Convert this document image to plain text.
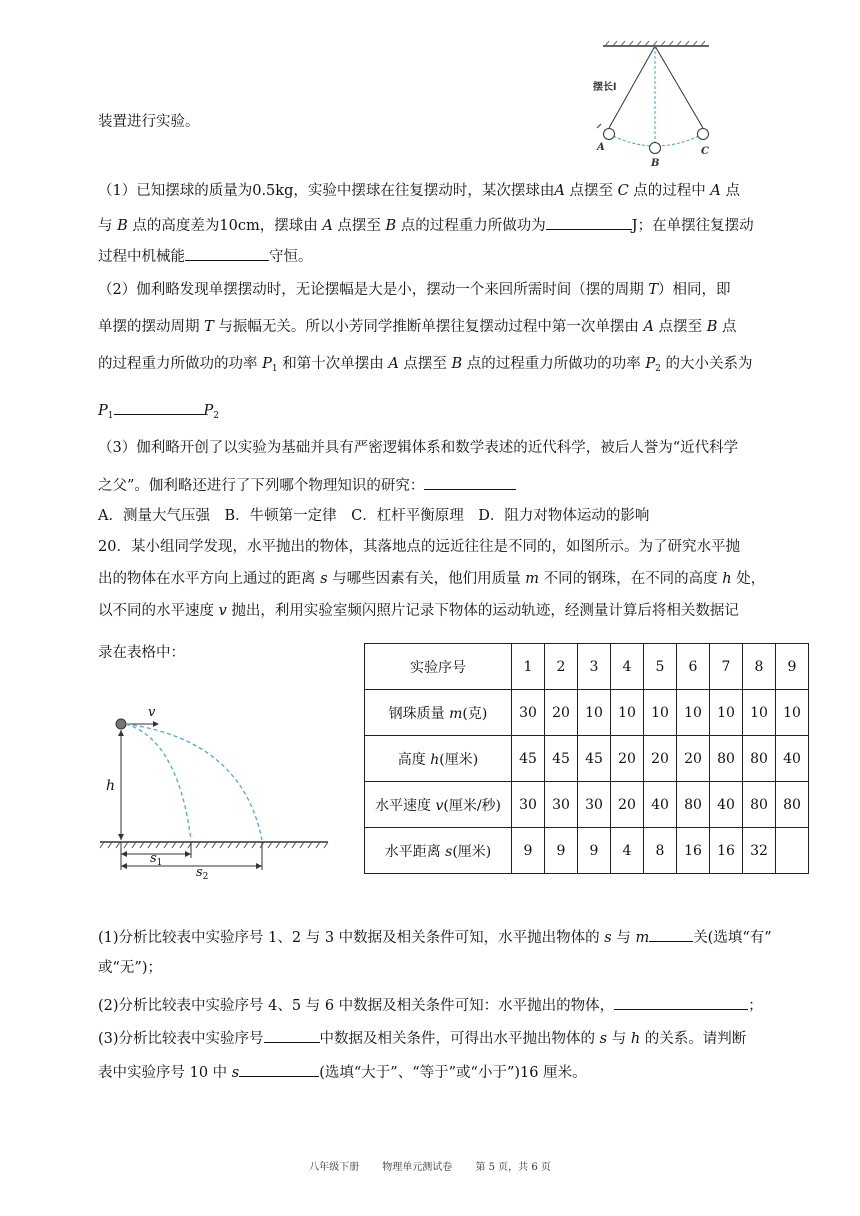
摆长l
A
B
C
装置进行实验。
（1）已知摆球的质量为0.5kg，实验中摆球在往复摆动时，某次摆球由A 点摆至 C 点的过程中 A 点
与 B 点的高度差为10cm，摆球由 A 点摆至 B 点的过程重力所做功为	J；在单摆往复摆动
过程中机械能	守恒。
（2）伽利略发现单摆摆动时，无论摆幅是大是小，摆动一个来回所需时间（摆的周期 T）相同，即
单摆的摆动周期 T 与振幅无关。所以小芳同学推断单摆往复摆动过程中第一次单摆由 A 点摆至 B 点
的过程重力所做功的功率 $P_1$ 和第十次单摆由 A 点摆至 B 点的过程重力所做功的功率 $P_2$ 的大小关系为
$P_1$	$P_2$
（3）伽利略开创了以实验为基础并具有严密逻辑体系和数学表述的近代科学，被后人誉为“近代科学
之父”。伽利略还进行了下列哪个物理知识的研究：
A．测量大气压强　B．牛顿第一定律　C．杠杆平衡原理　D．阻力对物体运动的影响
20．某小组同学发现，水平抛出的物体，其落地点的远近往往是不同的，如图所示。为了研究水平抛
出的物体在水平方向上通过的距离 s 与哪些因素有关，他们用质量 m 不同的钢珠，在不同的高度 h 处，
以不同的水平速度 v 抛出，利用实验室频闪照片记录下物体的运动轨迹，经测量计算后将相关数据记
录在表格中：
v
h
$s_1$
$s_2$
实验序号	1	2	3	4	5	6	7	8	9
钢珠质量 m(克)	30	20	10	10	10	10	10	10	10
高度 h(厘米)	45	45	45	20	20	20	80	80	40
水平速度 v(厘米/秒)	30	30	30	20	40	80	40	80	80
水平距离 s(厘米)	9	9	9	4	8	16	16	32	
(1)分析比较表中实验序号 1、2 与 3 中数据及相关条件可知，水平抛出物体的 s 与 m	关(选填“有”
或“无”)；
(2)分析比较表中实验序号 4、5 与 6 中数据及相关条件可知：水平抛出的物体，	；
(3)分析比较表中实验序号	中数据及相关条件，可得出水平抛出物体的 s 与 h 的关系。请判断
表中实验序号 10 中 s	(选填“大于”、“等于”或“小于”)16 厘米。
八年级下册 物理单元测试卷 第 5 页，共 6 页
